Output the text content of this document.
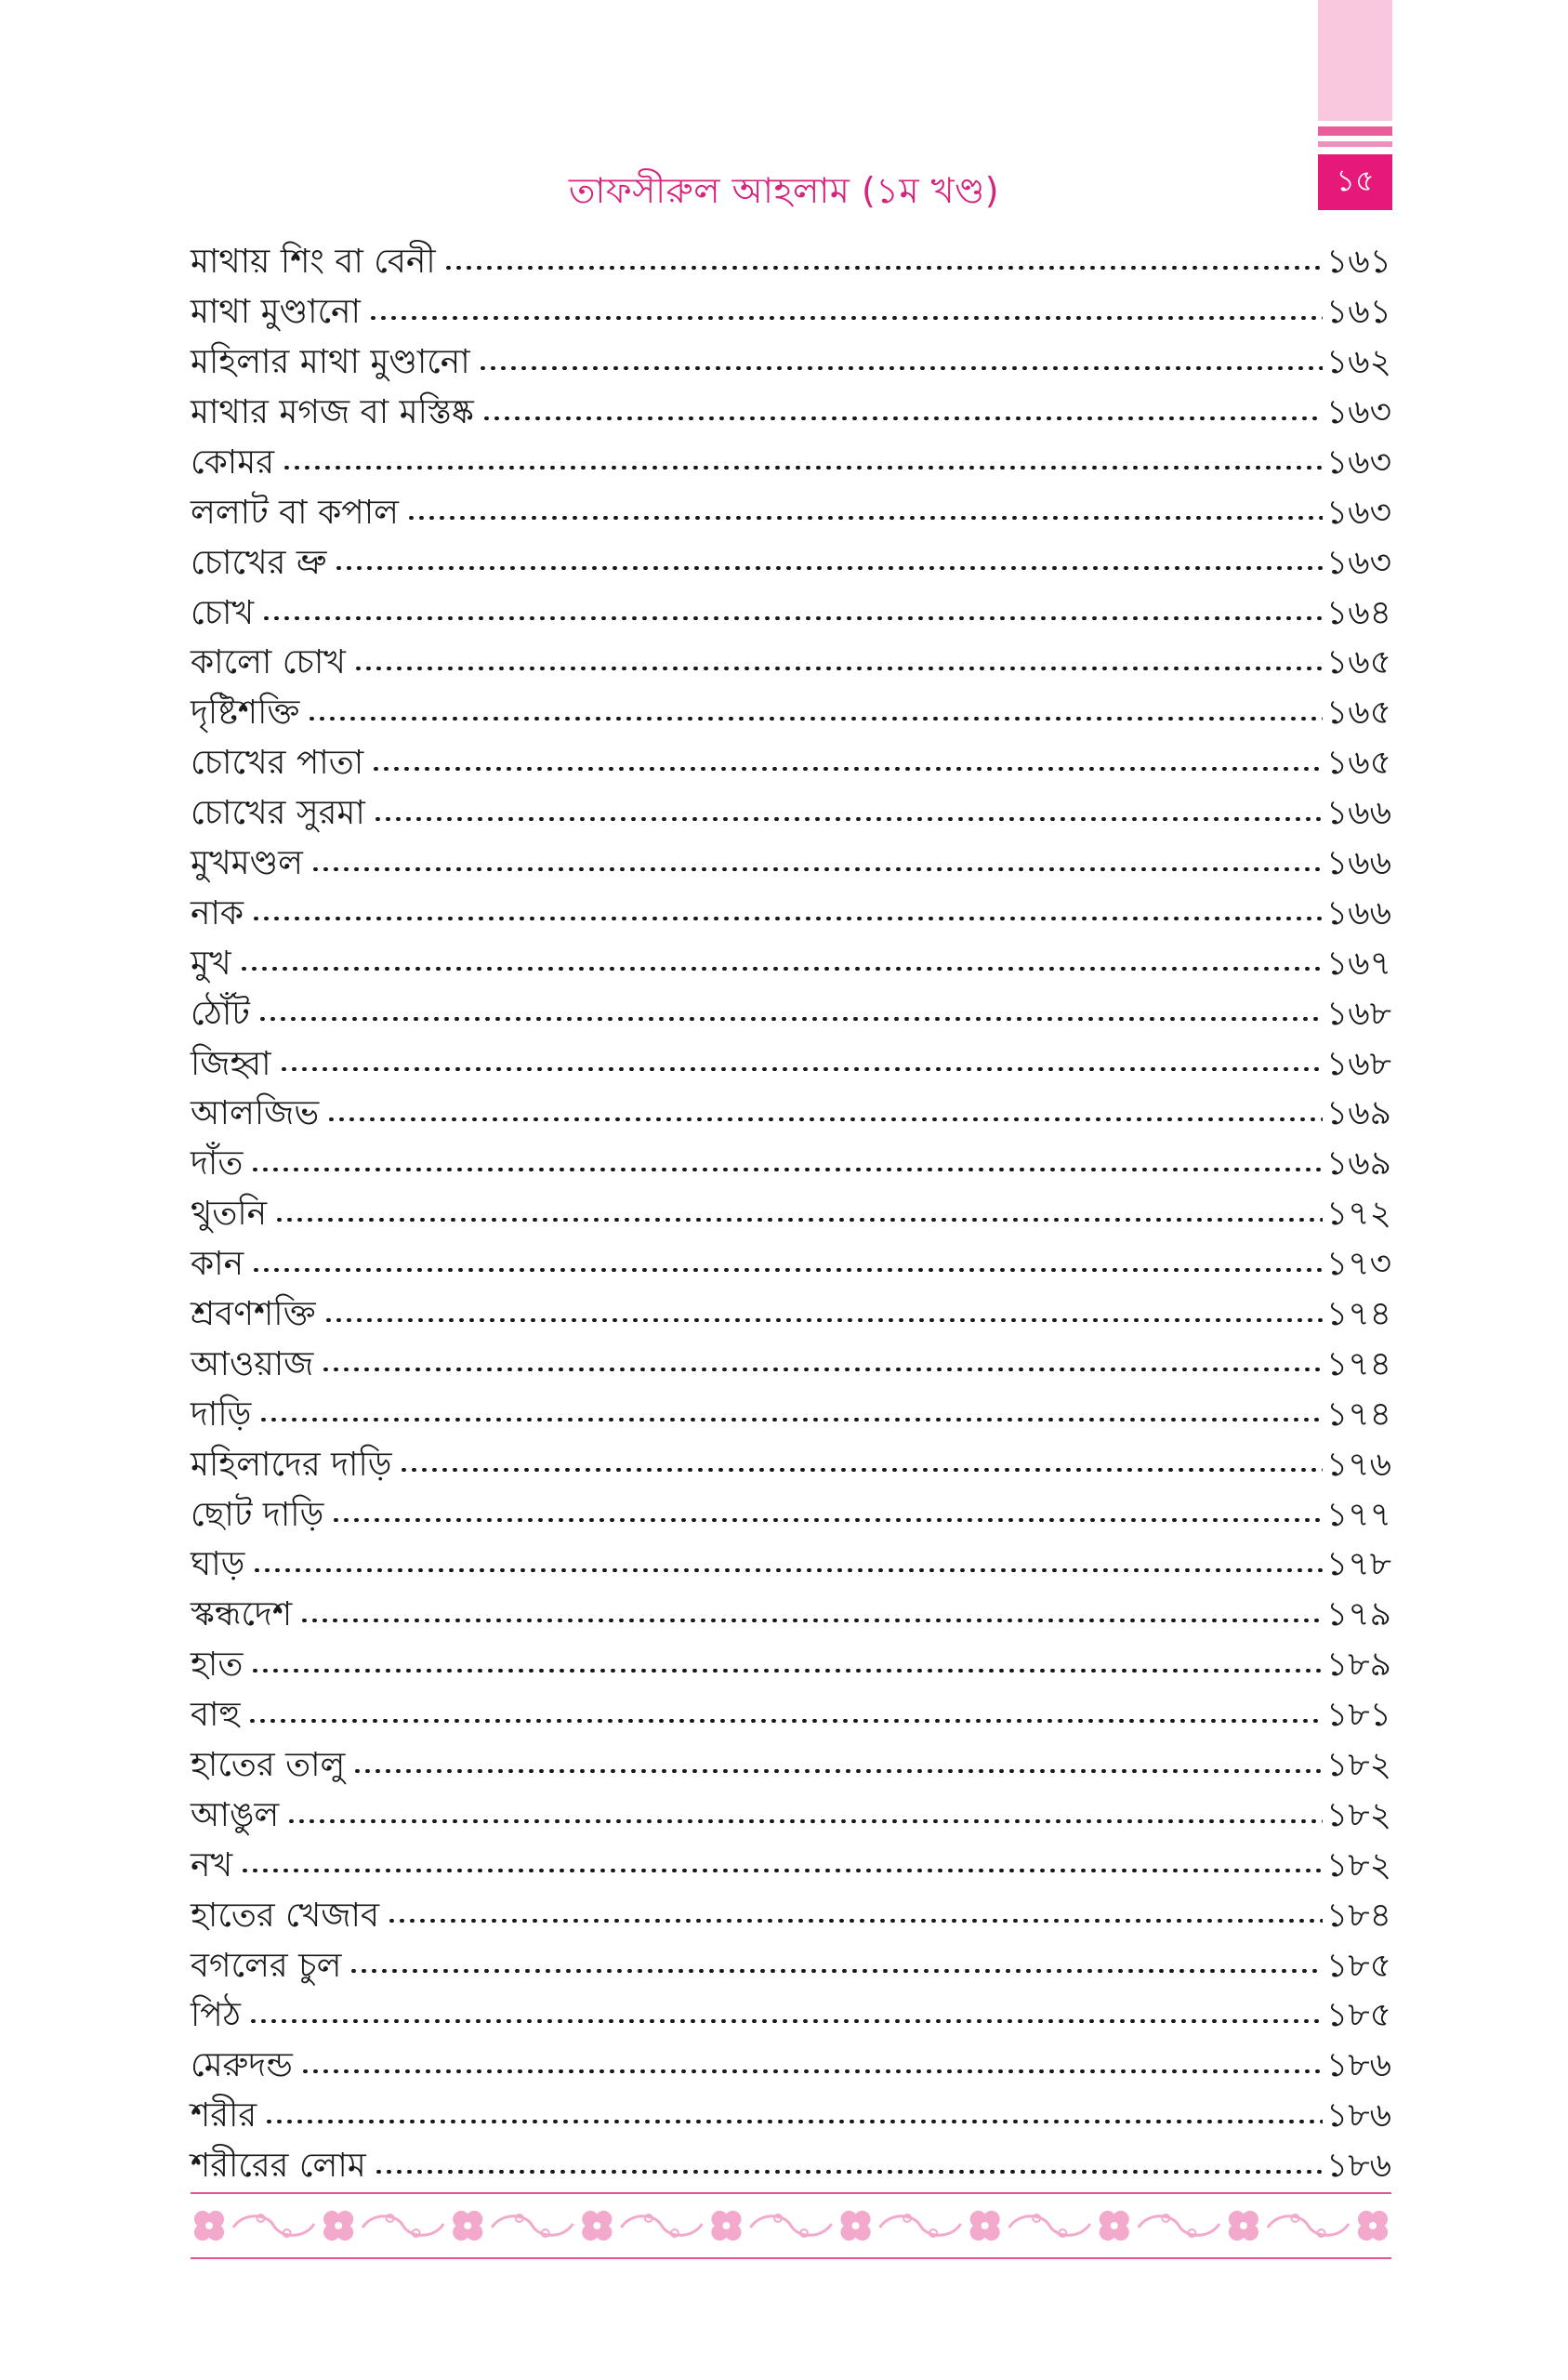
১৫
তাফসীরুল আহলাম (১ম খণ্ড)
মাথায় শিং বা বেনী	১৬১
মাথা মুণ্ডানো	১৬১
মহিলার মাথা মুণ্ডানো	১৬২
মাথার মগজ বা মস্তিষ্ক	১৬৩
কোমর	১৬৩
ললাট বা কপাল	১৬৩
চোখের ভ্রু	১৬৩
চোখ	১৬৪
কালো চোখ	১৬৫
দৃষ্টিশক্তি	১৬৫
চোখের পাতা	১৬৫
চোখের সুরমা	১৬৬
মুখমণ্ডল	১৬৬
নাক	১৬৬
মুখ	১৬৭
ঠোঁট	১৬৮
জিহ্বা	১৬৮
আলজিভ	১৬৯
দাঁত	১৬৯
থুতনি	১৭২
কান	১৭৩
শ্রবণশক্তি	১৭৪
আওয়াজ	১৭৪
দাড়ি	১৭৪
মহিলাদের দাড়ি	১৭৬
ছোট দাড়ি	১৭৭
ঘাড়	১৭৮
স্কন্ধদেশ	১৭৯
হাত	১৮৯
বাহু	১৮১
হাতের তালু	১৮২
আঙুল	১৮২
নখ	১৮২
হাতের খেজাব	১৮৪
বগলের চুল	১৮৫
পিঠ	১৮৫
মেরুদন্ড	১৮৬
শরীর	১৮৬
শরীরের লোম	১৮৬
